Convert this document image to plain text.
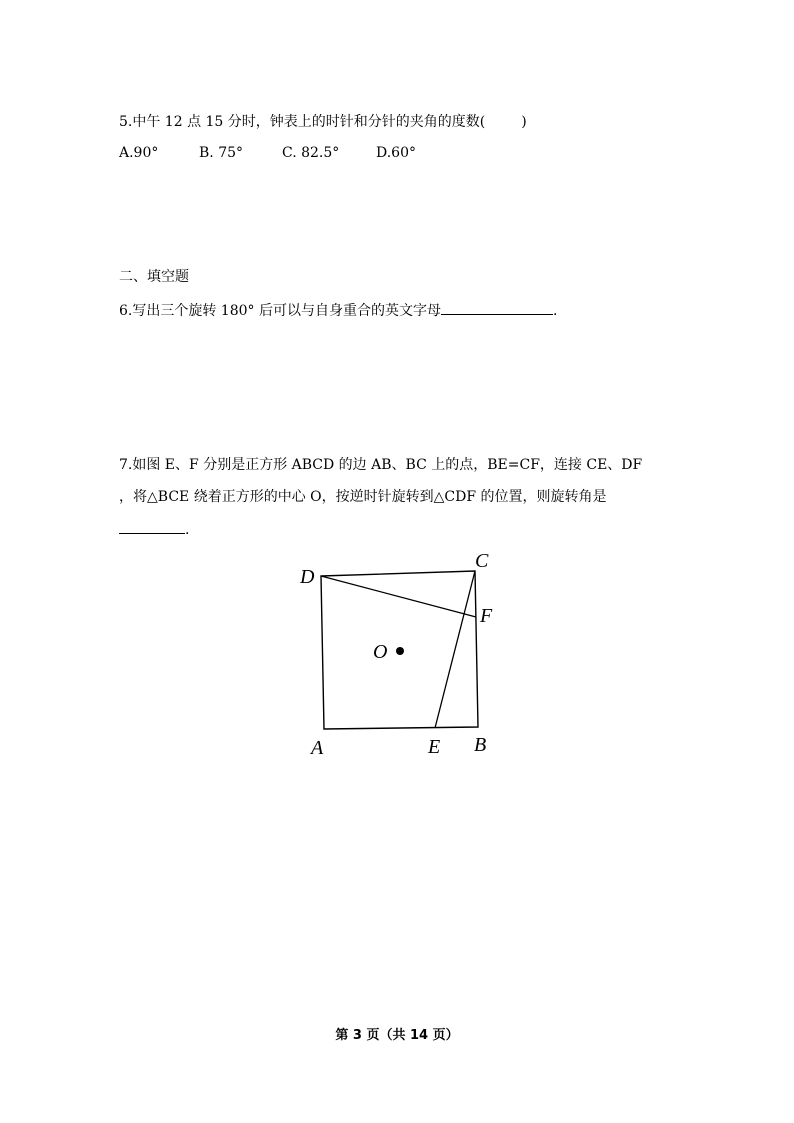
5.中午 12 点 15 分时，钟表上的时针和分针的夹角的度数(	)
A.90°	B. 75°	C. 82.5°	D.60°
二、填空题
6.写出三个旋转 180° 后可以与自身重合的英文字母	.
7.如图 E、F 分别是正方形 ABCD 的边 AB、BC 上的点，BE=CF，连接 CE、DF
，将△BCE 绕着正方形的中心 O，按逆时针旋转到△CDF 的位置，则旋转角是
.
D
C
F
O
A	E B
第 3 页（共 14 页）
